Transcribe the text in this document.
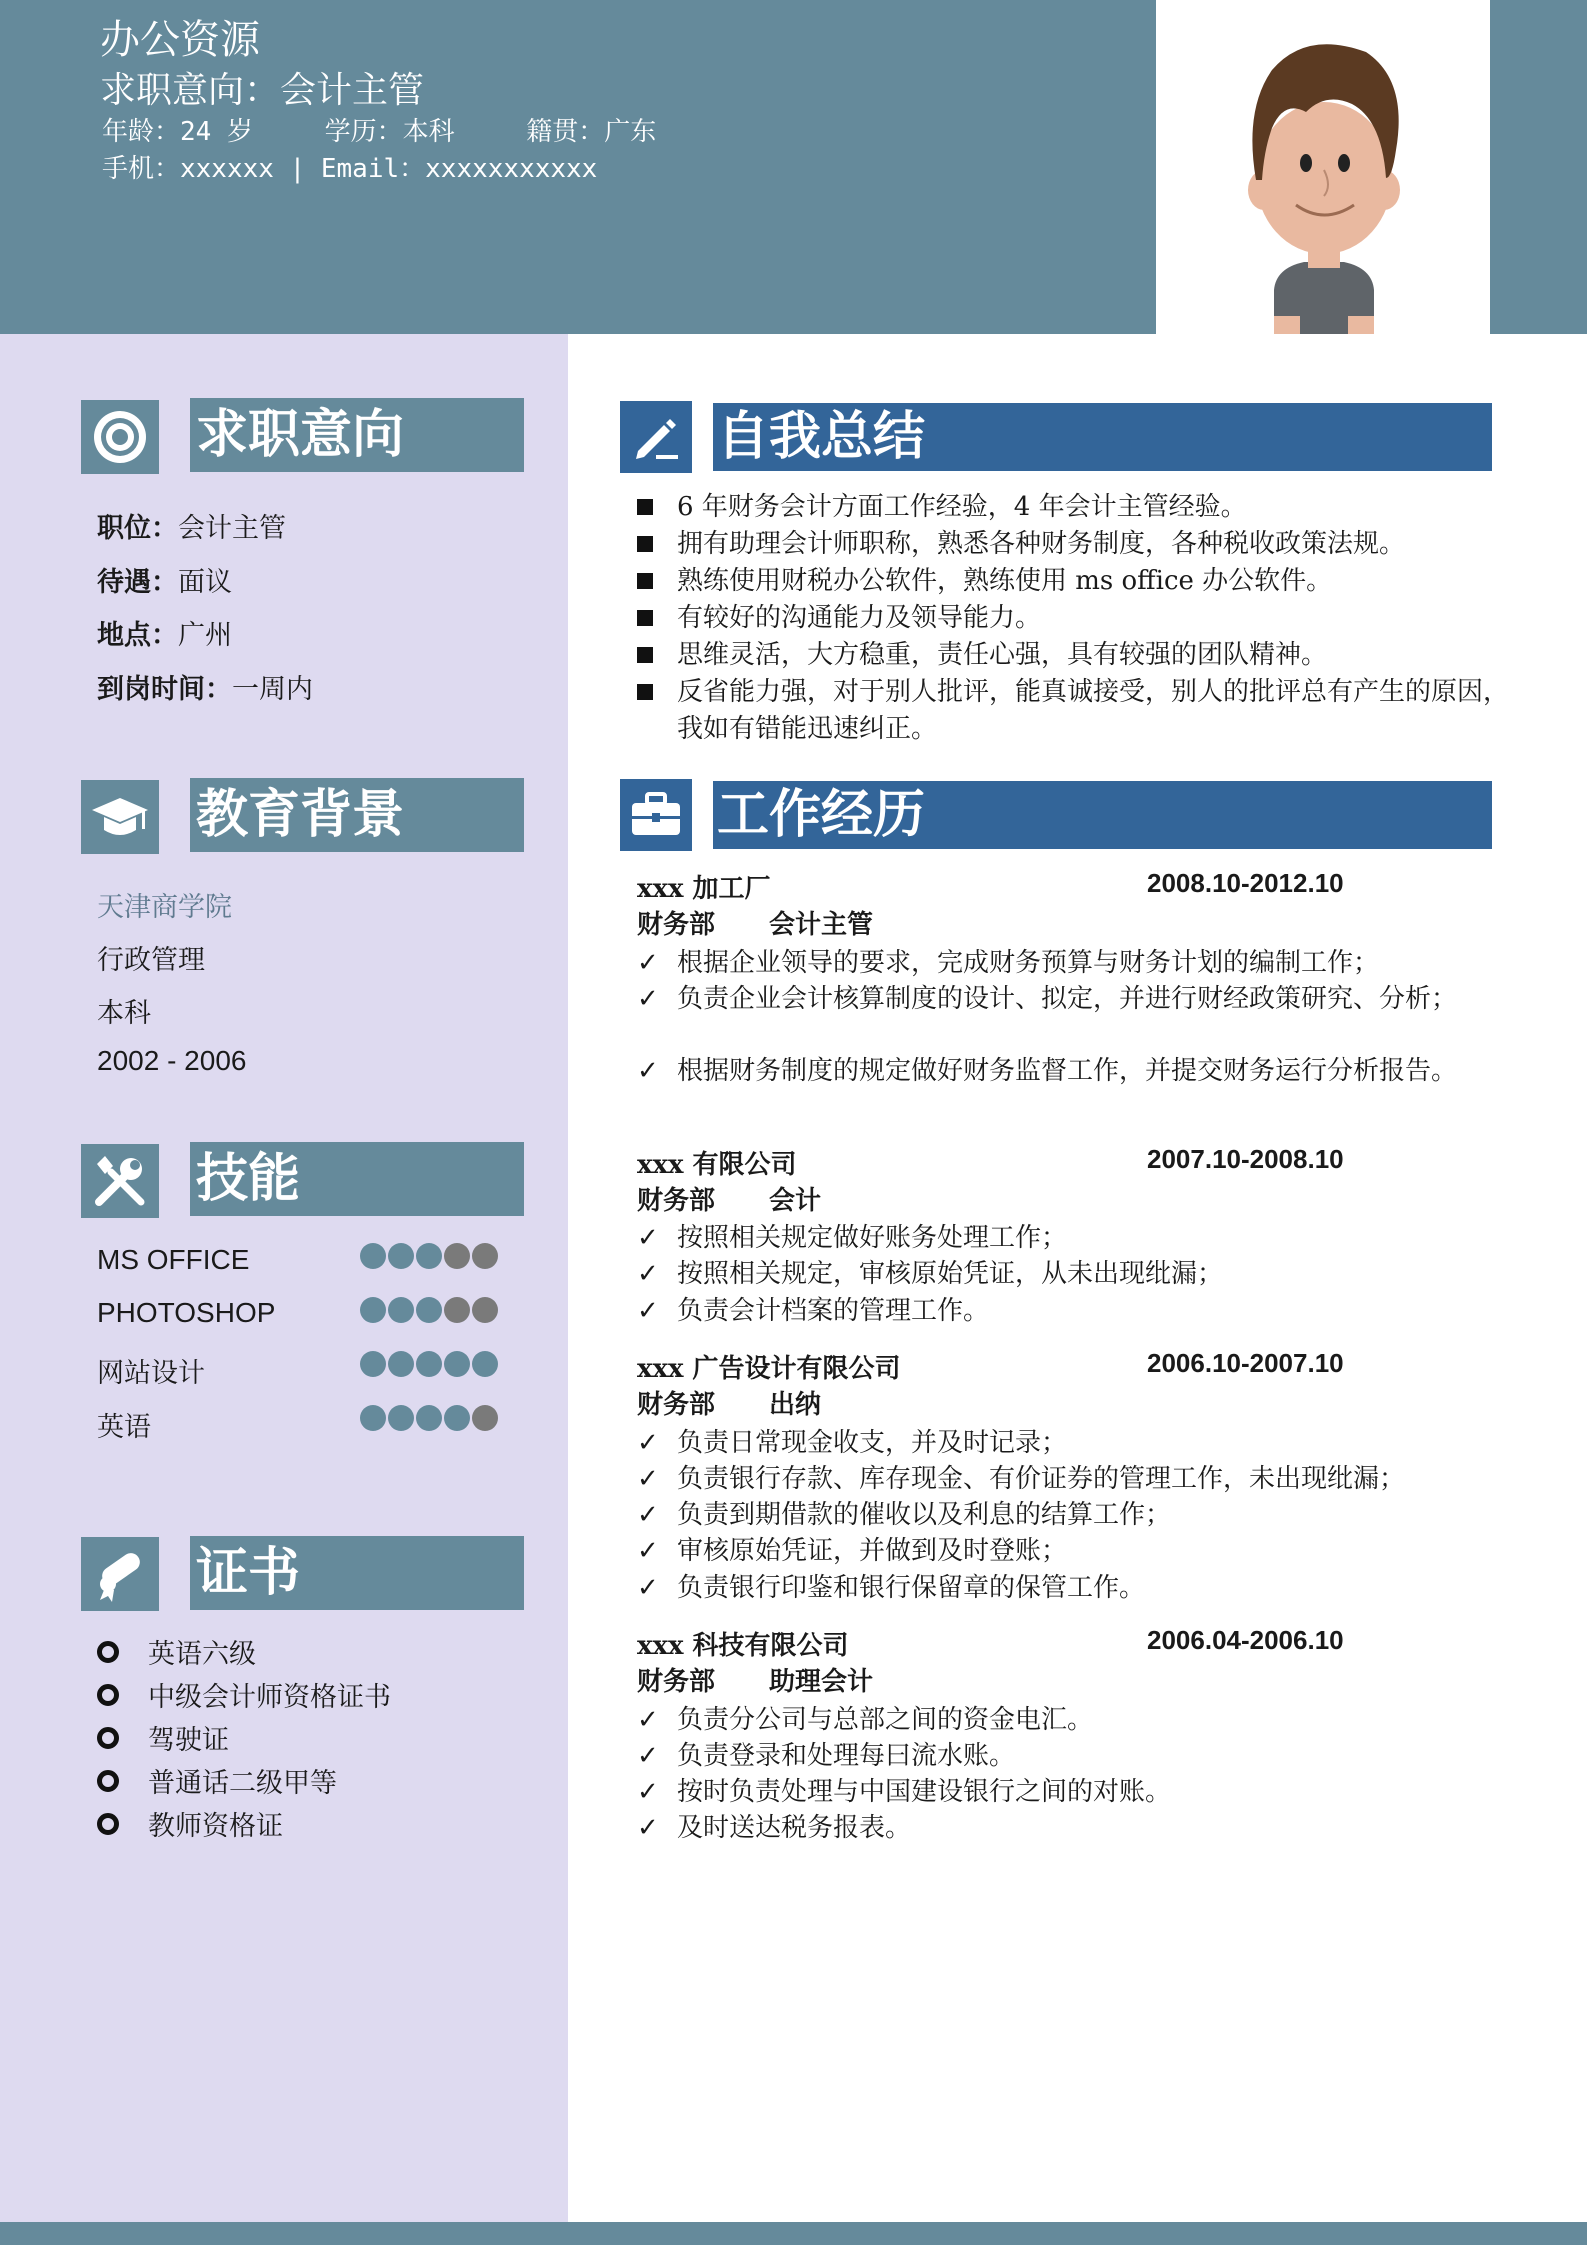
办公资源
求职意向：会计主管
年龄：24 岁	学历：本科	籍贯：广东
手机：xxxxxx | Email：xxxxxxxxxxx
求职意向
职位：会计主管
待遇：面议
地点：广州
到岗时间：一周内
教育背景
天津商学院
行政管理
本科
2002 - 2006
技能
MS OFFICE
PHOTOSHOP
网站设计
英语
证书
英语六级
中级会计师资格证书
驾驶证
普通话二级甲等
教师资格证
自我总结
6 年财务会计方面工作经验，4 年会计主管经验。
拥有助理会计师职称，熟悉各种财务制度，各种税收政策法规。
熟练使用财税办公软件，熟练使用 ms office 办公软件。
有较好的沟通能力及领导能力。
思维灵活，大方稳重，责任心强，具有较强的团队精神。
反省能力强，对于别人批评，能真诚接受，别人的批评总有产生的原因，我如有错能迅速纠正。
工作经历
xxx 加工厂	2008.10-2012.10
财务部 会计主管
✓ 根据企业领导的要求，完成财务预算与财务计划的编制工作；
✓ 负责企业会计核算制度的设计、拟定，并进行财经政策研究、分析；
✓ 根据财务制度的规定做好财务监督工作，并提交财务运行分析报告。
xxx 有限公司	2007.10-2008.10
财务部 会计
✓ 按照相关规定做好账务处理工作；
✓ 按照相关规定，审核原始凭证，从未出现纰漏；
✓ 负责会计档案的管理工作。
xxx 广告设计有限公司	2006.10-2007.10
财务部 出纳
✓ 负责日常现金收支，并及时记录；
✓ 负责银行存款、库存现金、有价证券的管理工作，未出现纰漏；
✓ 负责到期借款的催收以及利息的结算工作；
✓ 审核原始凭证，并做到及时登账；
✓ 负责银行印鉴和银行保留章的保管工作。
xxx 科技有限公司	2006.04-2006.10
财务部 助理会计
✓ 负责分公司与总部之间的资金电汇。
✓ 负责登录和处理每曰流水账。
✓ 按时负责处理与中国建设银行之间的对账。
✓ 及时送达税务报表。
